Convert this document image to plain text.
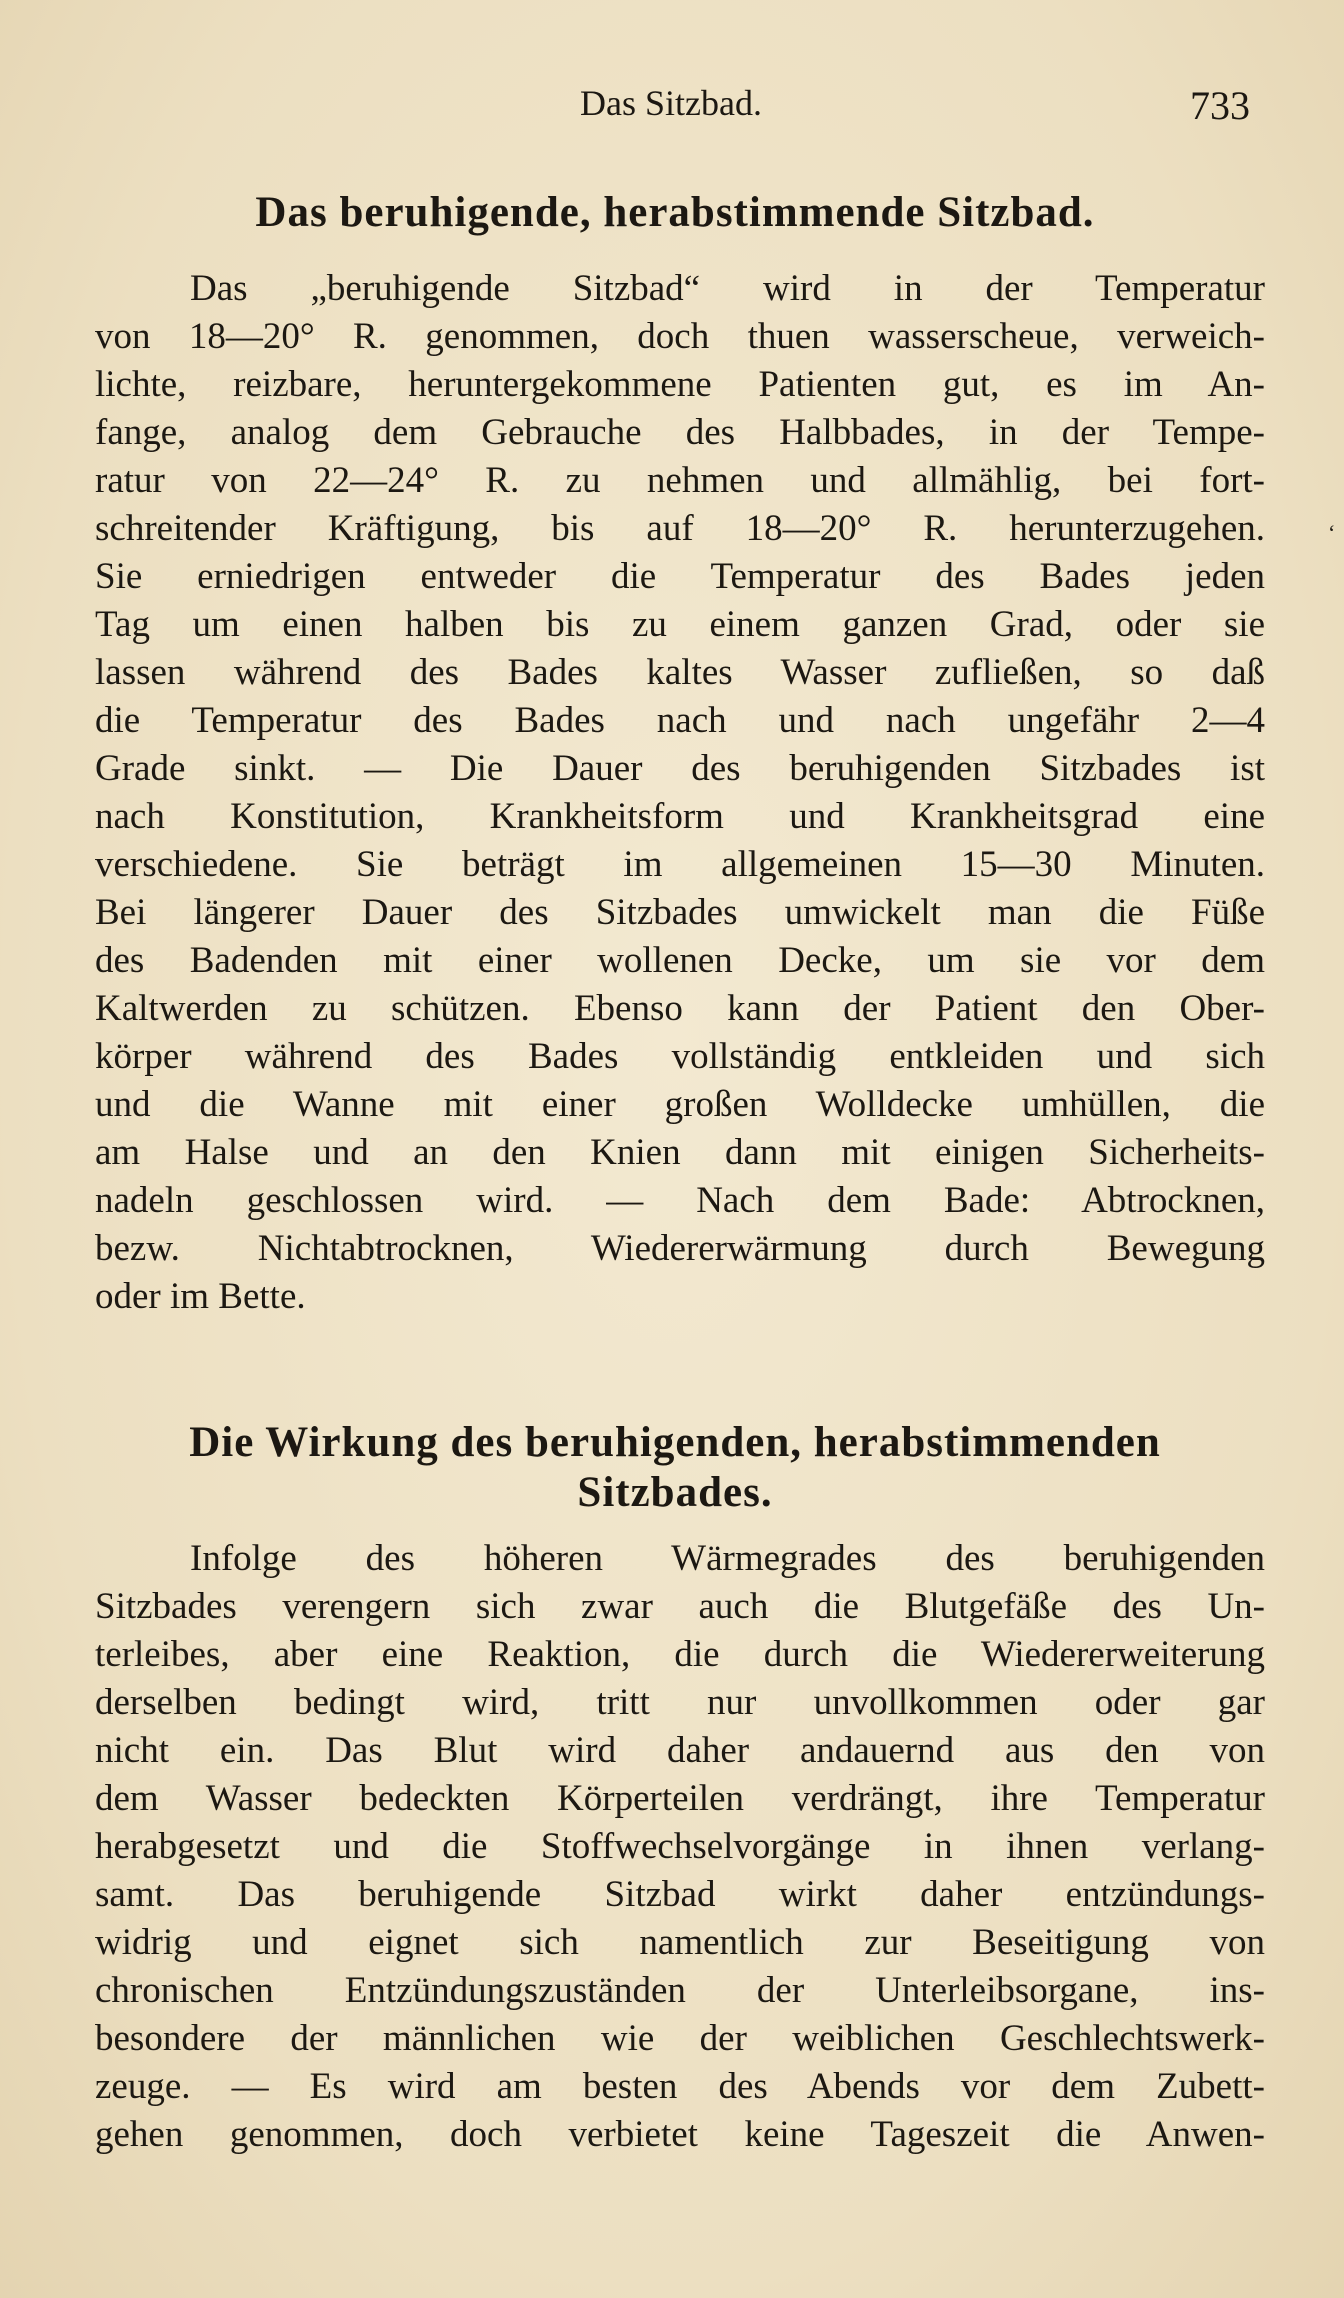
Das Sitzbad.	733
Das beruhigende, herabstimmende Sitzbad.
Das „beruhigende Sitzbad“ wird in der Temperatur
von 18—20° R. genommen, doch thuen wasserscheue, verweich-
lichte, reizbare, heruntergekommene Patienten gut, es im An-
fange, analog dem Gebrauche des Halbbades, in der Tempe-
ratur von 22—24° R. zu nehmen und allmählig, bei fort-
schreitender Kräftigung, bis auf 18—20° R. herunterzugehen.
Sie erniedrigen entweder die Temperatur des Bades jeden
Tag um einen halben bis zu einem ganzen Grad, oder sie
lassen während des Bades kaltes Wasser zufließen, so daß
die Temperatur des Bades nach und nach ungefähr 2—4
Grade sinkt. — Die Dauer des beruhigenden Sitzbades ist
nach Konstitution, Krankheitsform und Krankheitsgrad eine
verschiedene. Sie beträgt im allgemeinen 15—30 Minuten.
Bei längerer Dauer des Sitzbades umwickelt man die Füße
des Badenden mit einer wollenen Decke, um sie vor dem
Kaltwerden zu schützen. Ebenso kann der Patient den Ober-
körper während des Bades vollständig entkleiden und sich
und die Wanne mit einer großen Wolldecke umhüllen, die
am Halse und an den Knien dann mit einigen Sicherheits-
nadeln geschlossen wird. — Nach dem Bade: Abtrocknen,
bezw. Nichtabtrocknen, Wiedererwärmung durch Bewegung
oder im Bette.
Die Wirkung des beruhigenden, herabstimmenden
Sitzbades.
Infolge des höheren Wärmegrades des beruhigenden
Sitzbades verengern sich zwar auch die Blutgefäße des Un-
terleibes, aber eine Reaktion, die durch die Wiedererweiterung
derselben bedingt wird, tritt nur unvollkommen oder gar
nicht ein. Das Blut wird daher andauernd aus den von
dem Wasser bedeckten Körperteilen verdrängt, ihre Temperatur
herabgesetzt und die Stoffwechselvorgänge in ihnen verlang-
samt. Das beruhigende Sitzbad wirkt daher entzündungs-
widrig und eignet sich namentlich zur Beseitigung von
chronischen Entzündungszuständen der Unterleibsorgane, ins-
besondere der männlichen wie der weiblichen Geschlechtswerk-
zeuge. — Es wird am besten des Abends vor dem Zubett-
gehen genommen, doch verbietet keine Tageszeit die Anwen-
‘
